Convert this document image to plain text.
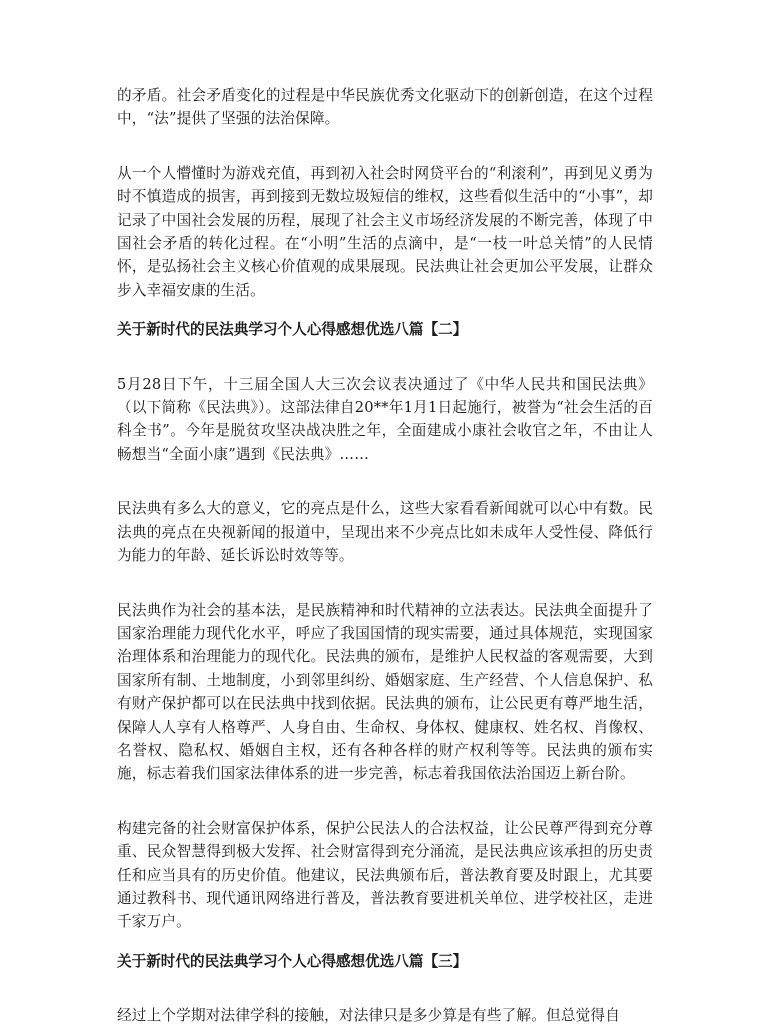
的矛盾。社会矛盾变化的过程是中华民族优秀文化驱动下的创新创造，在这个过程中，“法”提供了坚强的法治保障。

从一个人懵懂时为游戏充值，再到初入社会时网贷平台的“利滚利”，再到见义勇为时不慎造成的损害，再到接到无数垃圾短信的维权，这些看似生活中的“小事”，却记录了中国社会发展的历程，展现了社会主义市场经济发展的不断完善，体现了中国社会矛盾的转化过程。在“小明”生活的点滴中，是“一枝一叶总关情”的人民情怀，是弘扬社会主义核心价值观的成果展现。民法典让社会更加公平发展，让群众步入幸福安康的生活。

关于新时代的民法典学习个人心得感想优选八篇【二】

5月28日下午，十三届全国人大三次会议表决通过了《中华人民共和国民法典》（以下简称《民法典》）。这部法律自20**年1月1日起施行，被誉为“社会生活的百科全书”。今年是脱贫攻坚决战决胜之年，全面建成小康社会收官之年，不由让人畅想当“全面小康”遇到《民法典》……

民法典有多么大的意义，它的亮点是什么，这些大家看看新闻就可以心中有数。民法典的亮点在央视新闻的报道中，呈现出来不少亮点比如未成年人受性侵、降低行为能力的年龄、延长诉讼时效等等。

民法典作为社会的基本法，是民族精神和时代精神的立法表达。民法典全面提升了国家治理能力现代化水平，呼应了我国国情的现实需要，通过具体规范，实现国家治理体系和治理能力的现代化。民法典的颁布，是维护人民权益的客观需要，大到国家所有制、土地制度，小到邻里纠纷、婚姻家庭、生产经营、个人信息保护、私有财产保护都可以在民法典中找到依据。民法典的颁布，让公民更有尊严地生活，保障人人享有人格尊严、人身自由、生命权、身体权、健康权、姓名权、肖像权、名誉权、隐私权、婚姻自主权，还有各种各样的财产权利等等。民法典的颁布实施，标志着我们国家法律体系的进一步完善，标志着我国依法治国迈上新台阶。

构建完备的社会财富保护体系，保护公民法人的合法权益，让公民尊严得到充分尊重、民众智慧得到极大发挥、社会财富得到充分涌流，是民法典应该承担的历史责任和应当具有的历史价值。他建议，民法典颁布后，普法教育要及时跟上，尤其要通过教科书、现代通讯网络进行普及，普法教育要进机关单位、进学校社区，走进千家万户。

关于新时代的民法典学习个人心得感想优选八篇【三】

经过上个学期对法律学科的接触，对法律只是多少算是有些了解。但总觉得自
